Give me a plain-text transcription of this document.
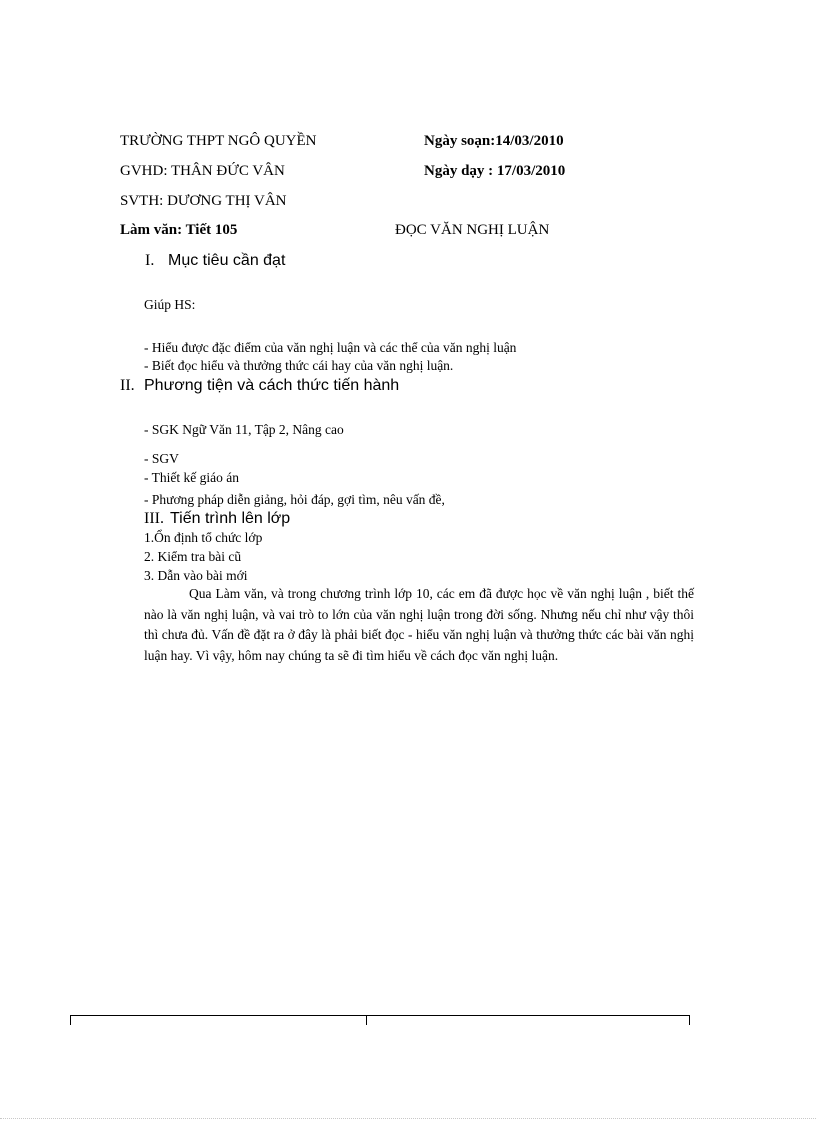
TRƯỜNG THPT NGÔ QUYỀN	Ngày soạn:14/03/2010
GVHD: THÂN ĐỨC VÂN	Ngày dạy : 17/03/2010
SVTH: DƯƠNG THỊ VÂN
Làm văn: Tiết 105	ĐỌC VĂN NGHỊ LUẬN
I. Mục tiêu cần đạt
Giúp HS:
- Hiểu được đặc điểm của văn nghị luận và các thể của văn nghị luận
- Biết đọc hiểu và thưởng thức cái hay của văn nghị luận.
II. Phương tiện và cách thức tiến hành
- SGK Ngữ Văn 11, Tập 2, Nâng cao
- SGV
- Thiết kế giáo án
- Phương pháp diễn giảng, hỏi đáp, gợi tìm, nêu vấn đề,
III. Tiến trình lên lớp
1.Ổn định tổ chức lớp
2. Kiểm tra bài cũ
3. Dẫn vào bài mới
Qua Làm văn, và trong chương trình lớp 10, các em đã được học về văn nghị luận , biết thế nào là văn nghị luận, và vai trò to lớn của văn nghị luận trong đời sống. Nhưng nếu chỉ như vậy thôi thì chưa đủ. Vấn đề đặt ra ở đây là phải biết đọc - hiểu văn nghị luận và thưởng thức các bài văn nghị luận hay. Vì vậy, hôm nay chúng ta sẽ đi tìm hiểu về cách đọc văn nghị luận.
